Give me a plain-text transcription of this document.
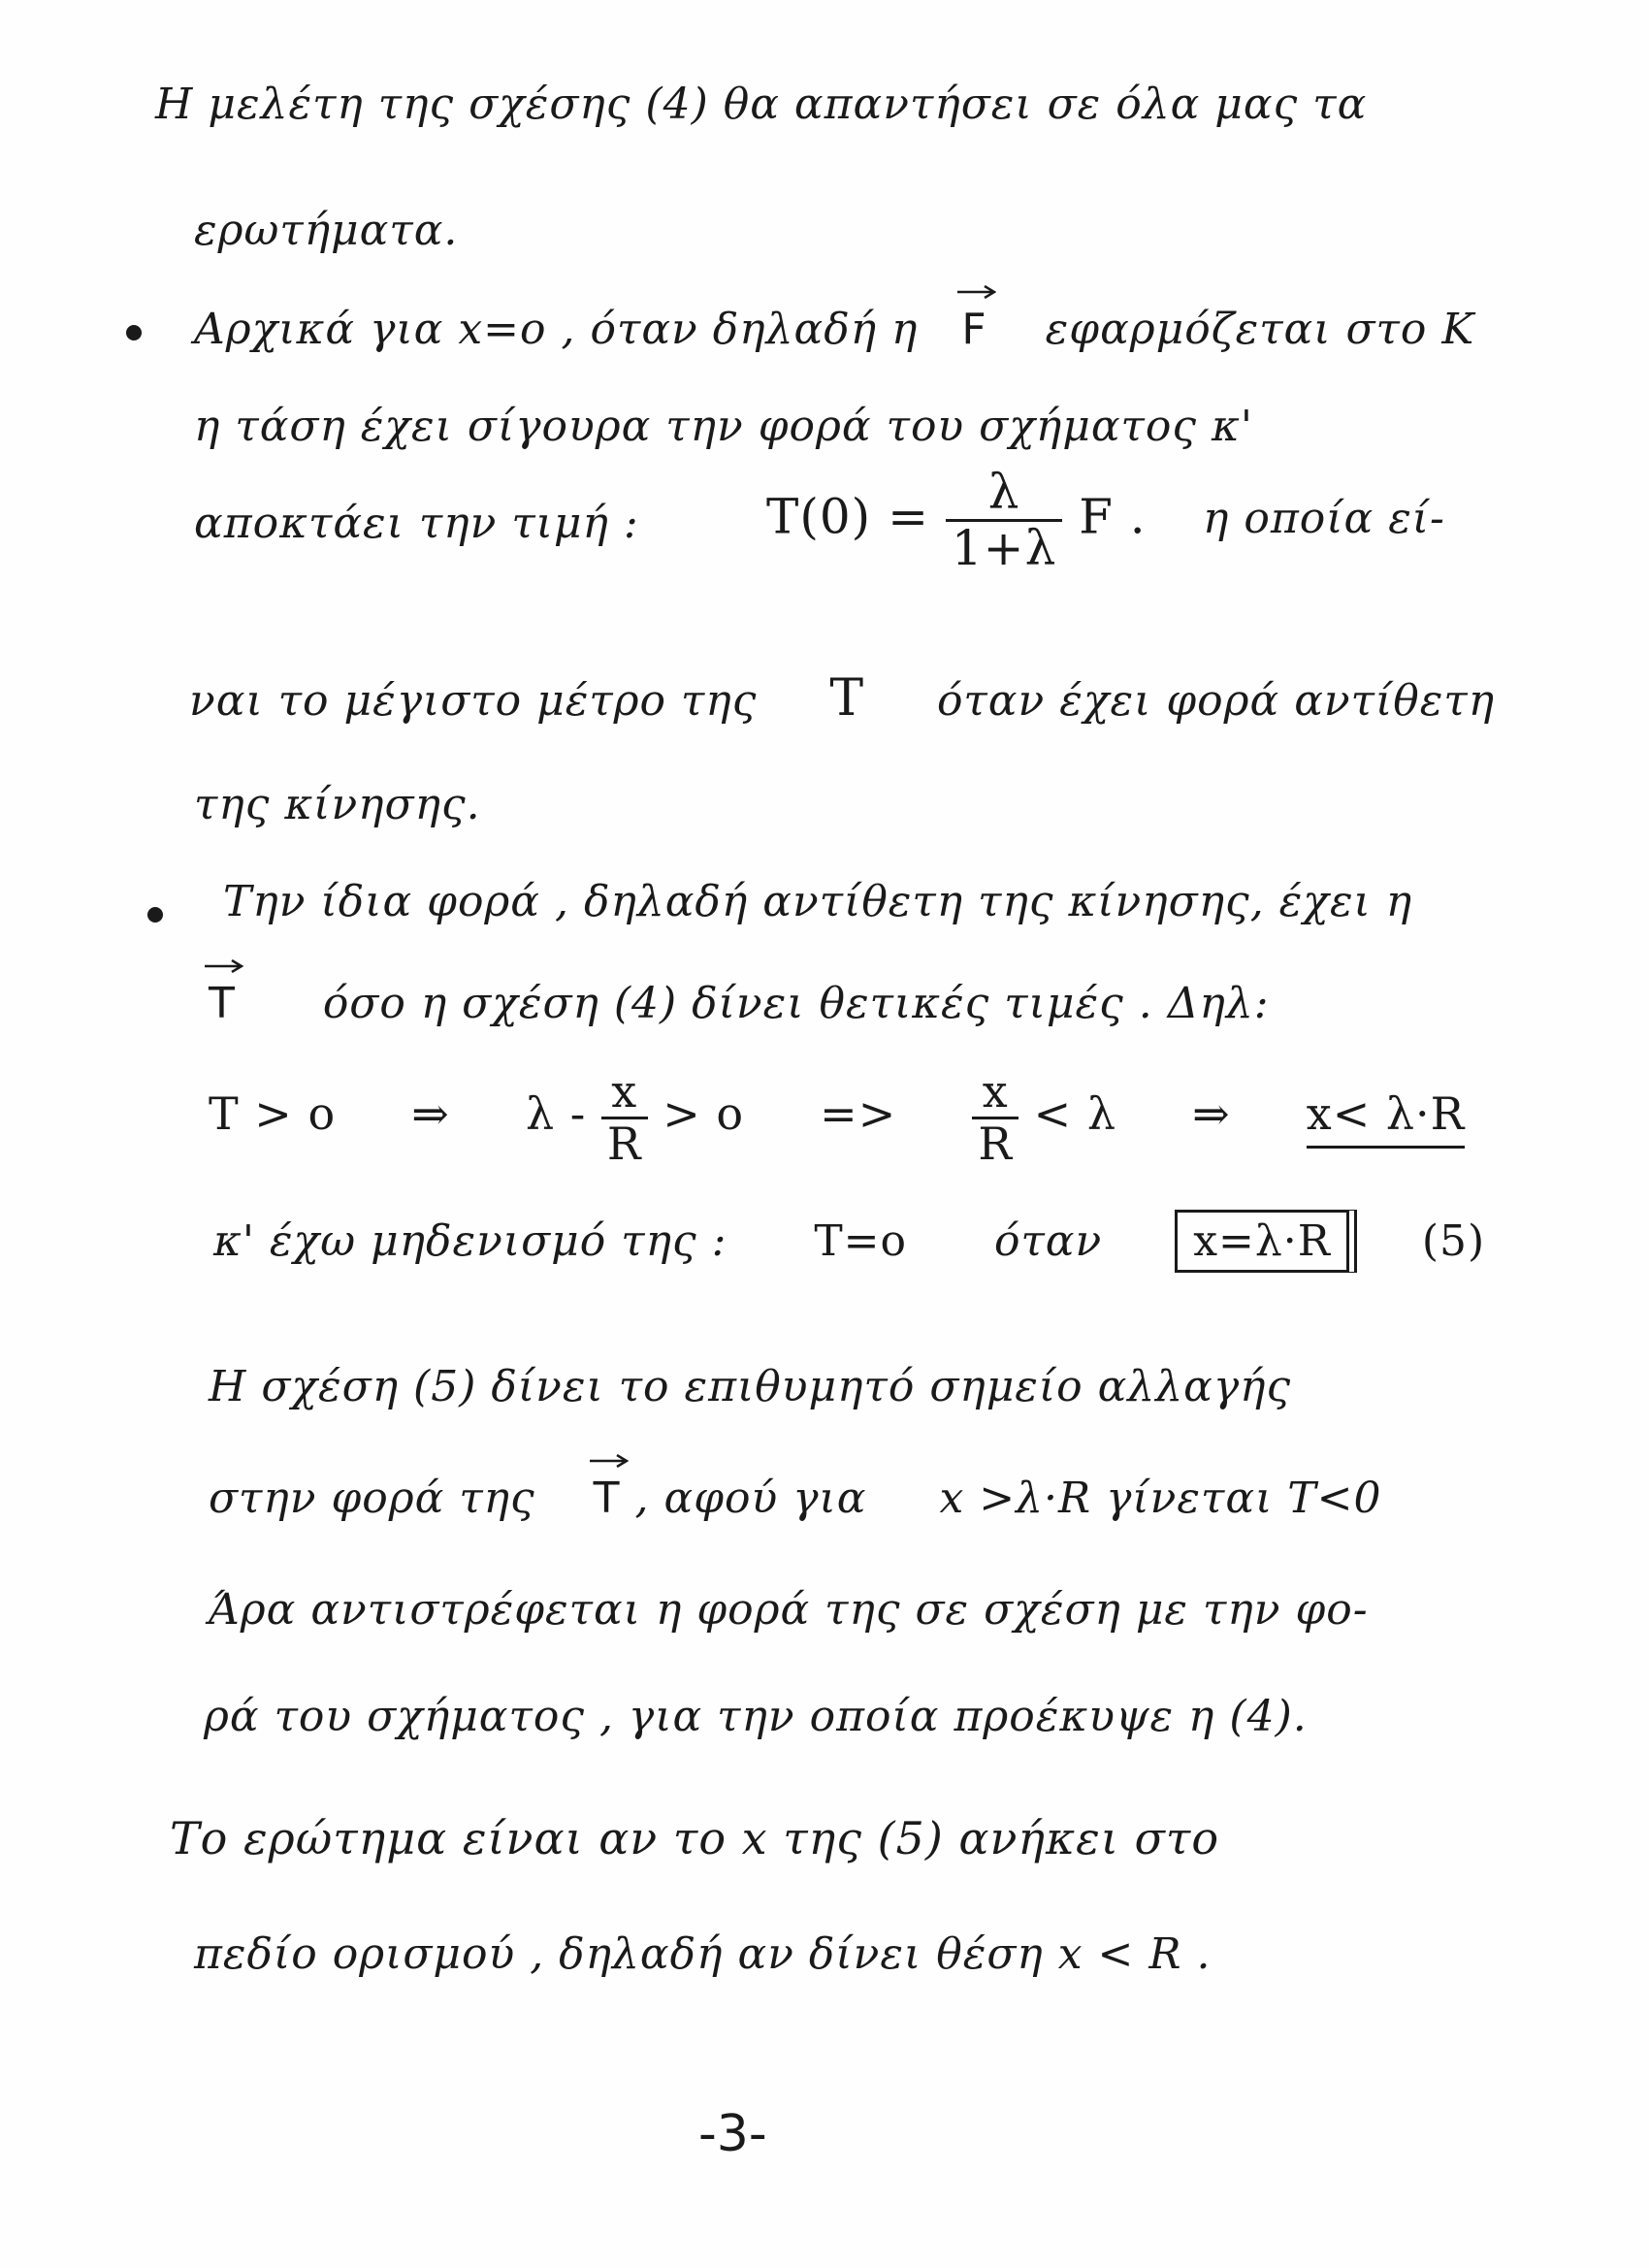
Η μελέτη της σχέσης (4) θα απαντήσει σε όλα μας τα
ερωτήματα.
Αρχικά για x=o , όταν δηλαδή η F εφαρμόζεται στο K
η τάση έχει σίγουρα την φορά του σχήματος κ'
αποκτάει την τιμή :	$T(0) = \frac{\lambda}{1+\lambda}$ F . η οποία εί-
ναι το μέγιστο μέτρο της T όταν έχει φορά αντίθετη
της κίνησης.
Την ίδια φορά , δηλαδή αντίθετη της κίνησης, έχει η
T όσο η σχέση (4) δίνει θετικές τιμές . Δηλ:
T > o ⇒ $\lambda - \frac{x}{R} > o => \frac{x}{R} < \lambda$ ⇒ x< λ·R
κ' έχω μηδενισμό της : T=o όταν x=λ·R (5)
Η σχέση (5) δίνει το επιθυμητό σημείο αλλαγής
στην φορά της T , αφού για x >λ·R γίνεται T<0
Άρα αντιστρέφεται η φορά της σε σχέση με την φο-
ρά του σχήματος , για την οποία προέκυψε η (4).
Το ερώτημα είναι αν το x της (5) ανήκει στο
πεδίο ορισμού , δηλαδή αν δίνει θέση x < R .
-3-
